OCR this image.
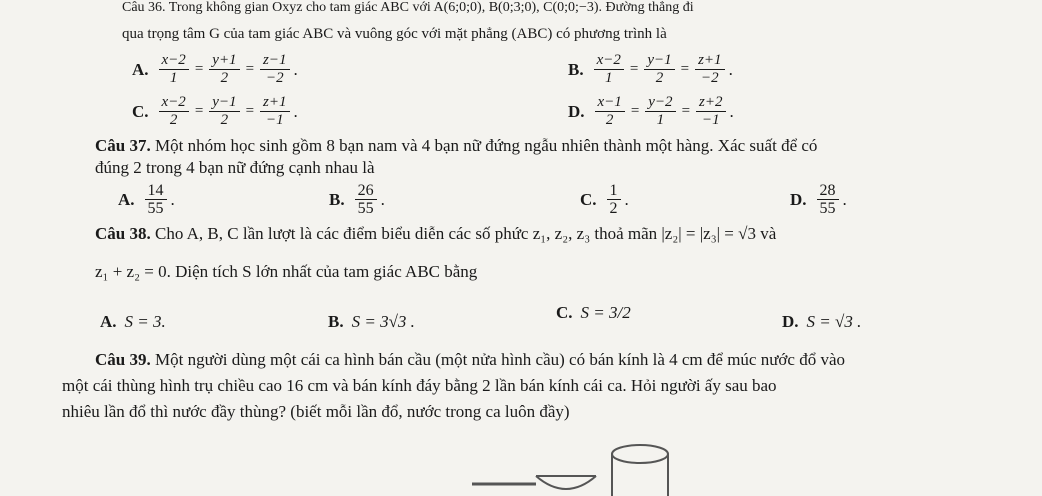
Câu 36. Trong không gian Oxyz cho tam giác ABC với A(6;0;0), B(0;3;0), C(0;0;−3). Đường thẳng đi
qua trọng tâm G của tam giác ABC và vuông góc với mặt phẳng (ABC) có phương trình là
A. $\frac{x-2}{1} = \frac{y+1}{2} = \frac{z-1}{-2}$ .	B. $\frac{x-2}{1} = \frac{y-1}{2} = \frac{z+1}{-2}$ .
C. $\frac{x-2}{2} = \frac{y-1}{2} = \frac{z+1}{-1}$ .	D. $\frac{x-1}{2} = \frac{y-2}{1} = \frac{z+2}{-1}$ .
Câu 37. Một nhóm học sinh gồm 8 bạn nam và 4 bạn nữ đứng ngẫu nhiên thành một hàng. Xác suất để có
đúng 2 trong 4 bạn nữ đứng cạnh nhau là
A. $\frac{14}{55}$ .	B. $\frac{26}{55}$ .	C. $\frac{1}{2}$ .	D. $\frac{28}{55}$ .
Câu 38. Cho A, B, C lần lượt là các điểm biểu diễn các số phức z₁, z₂, z₃ thoả mãn |z₂| = |z₃| = √3 và
z₁ + z₂ = 0. Diện tích S lớn nhất của tam giác ABC bằng
A. S = 3.	B. S = 3√3 .	C. S = 3/2	D. S = √3 .
Câu 39. Một người dùng một cái ca hình bán cầu (một nửa hình cầu) có bán kính là 4 cm để múc nước đổ vào
một cái thùng hình trụ chiều cao 16 cm và bán kính đáy bằng 2 lần bán kính cái ca. Hỏi người ấy sau bao
nhiêu lần đổ thì nước đầy thùng? (biết mỗi lần đổ, nước trong ca luôn đầy)
